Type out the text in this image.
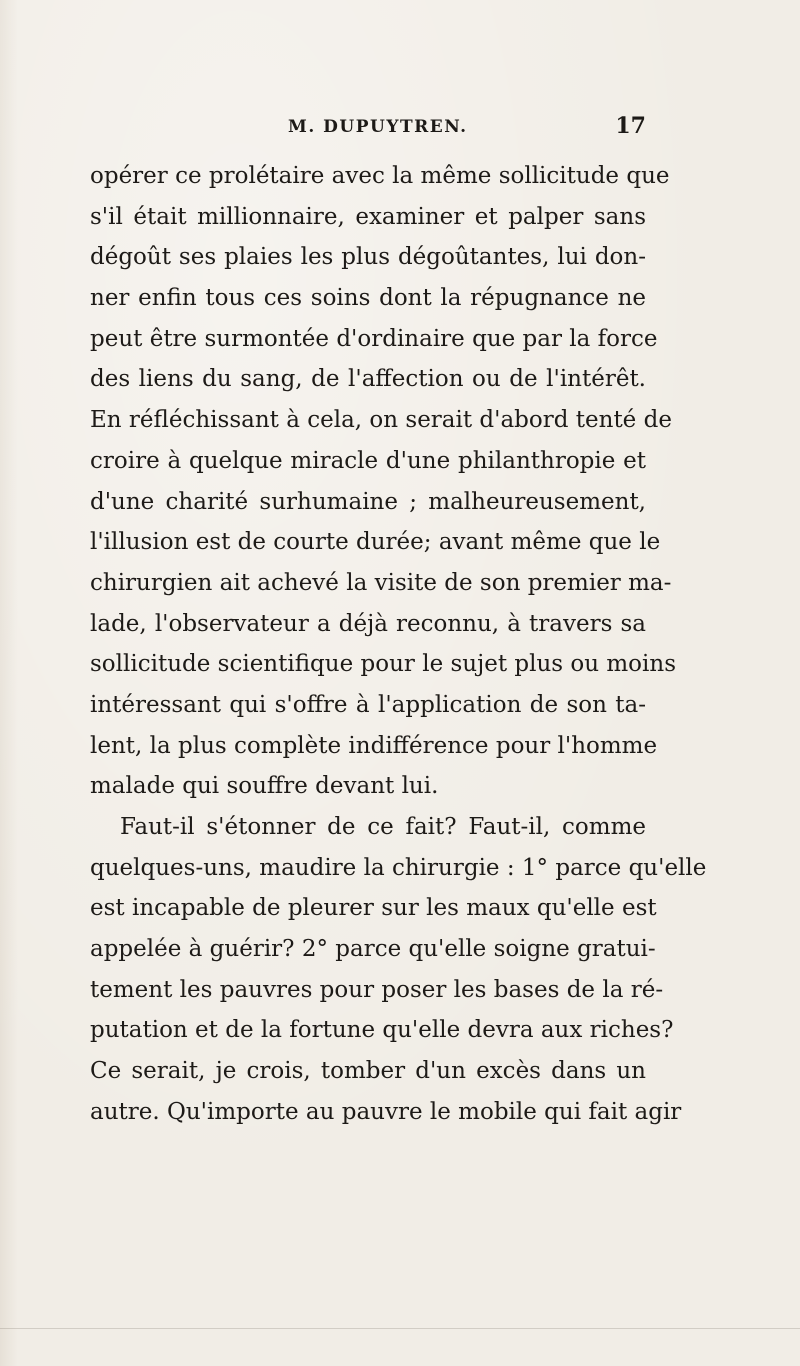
M. DUPUYTREN.	17
opérer ce prolétaire avec la même sollicitude que
s'il était millionnaire, examiner et palper sans
dégoût ses plaies les plus dégoûtantes, lui don-
ner enfin tous ces soins dont la répugnance ne
peut être surmontée d'ordinaire que par la force
des liens du sang, de l'affection ou de l'intérêt.
En réfléchissant à cela, on serait d'abord tenté de
croire à quelque miracle d'une philanthropie et
d'une charité surhumaine ; malheureusement,
l'illusion est de courte durée; avant même que le
chirurgien ait achevé la visite de son premier ma-
lade, l'observateur a déjà reconnu, à travers sa
sollicitude scientifique pour le sujet plus ou moins
intéressant qui s'offre à l'application de son ta-
lent, la plus complète indifférence pour l'homme
malade qui souffre devant lui.
Faut-il s'étonner de ce fait? Faut-il, comme
quelques-uns, maudire la chirurgie : 1° parce qu'elle
est incapable de pleurer sur les maux qu'elle est
appelée à guérir? 2° parce qu'elle soigne gratui-
tement les pauvres pour poser les bases de la ré-
putation et de la fortune qu'elle devra aux riches?
Ce serait, je crois, tomber d'un excès dans un
autre. Qu'importe au pauvre le mobile qui fait agir
